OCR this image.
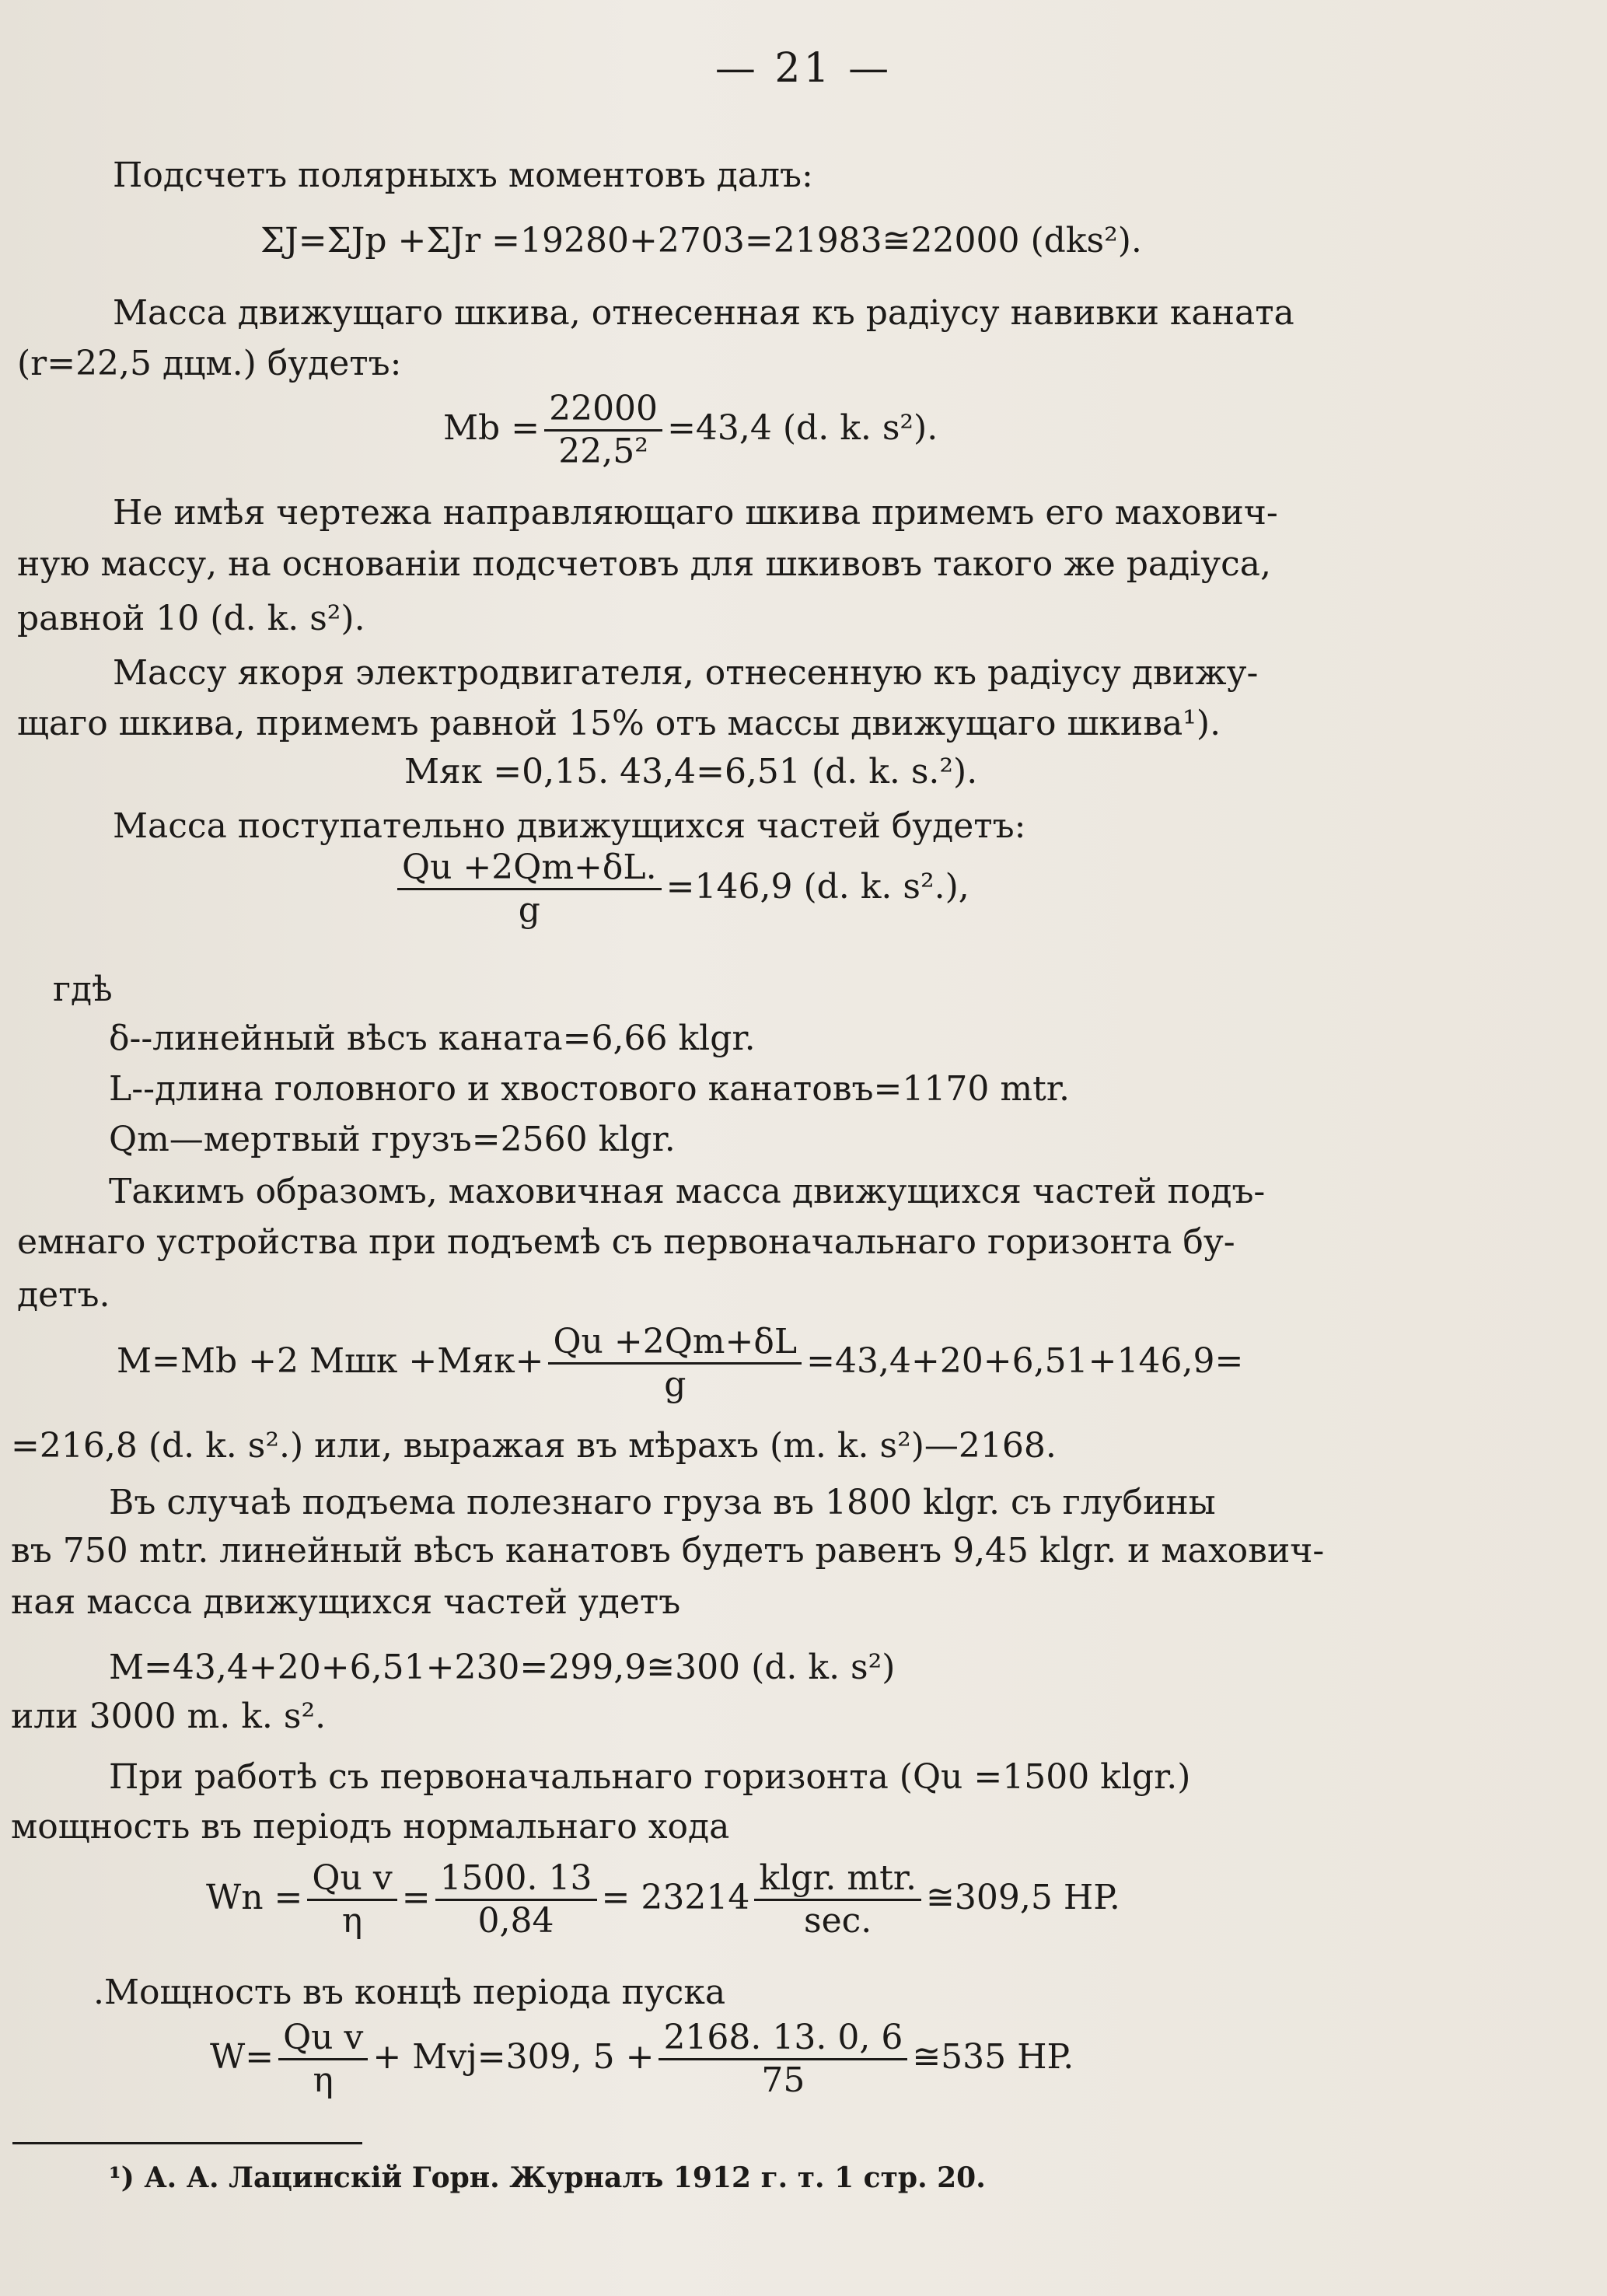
— 21 —
Подсчетъ полярныхъ моментовъ далъ:
ΣJ=ΣJp +ΣJr =19280+2703=21983≅22000 (dks²).
Масса движущаго шкива, отнесенная къ радіусу навивки каната
(r=22,5 дцм.) будетъ:
$Mb = \frac{22000}{\text{22,5²}} =43,4$ (d. k. s²).
Не имѣя чертежа направляющаго шкива примемъ его махович-
ную массу, на основаніи подсчетовъ для шкивовъ такого же радіуса,
равной 10 (d. k. s²).
Массу якоря электродвигателя, отнесенную къ радіусу движу-
щаго шкива, примемъ равной 15% отъ массы движущаго шкива¹).
Мяк =0,15. 43,4=6,51 (d. k. s.²).
Масса поступательно движущихся частей будетъ:
$\frac{Qu +2Qm+\delta L.}{g} =146,9$ (d. k. s².),
гдѣ
δ--линейный вѣсъ каната=6,66 klgr.
L--длина головного и хвостового канатовъ=1170 mtr.
Qm—мертвый грузъ=2560 klgr.
Такимъ образомъ, маховичная масса движущихся частей подъ-
емнаго устройства при подъемѣ съ первоначальнаго горизонта бу-
детъ.
M=Mb +2 Mшк $+Мяк+ \frac{Qu +2Qm+\delta L}{g} =43,4+20+6,51+146,9=$
=216,8 (d. k. s².) или, выражая въ мѣрахъ (m. k. s²)—2168.
Въ случаѣ подъема полезнаго груза въ 1800 klgr. съ глубины
въ 750 mtr. линейный вѣсъ канатовъ будетъ равенъ 9,45 klgr. и махович-
ная масса движущихся частей удетъ
M=43,4+20+6,51+230=299,9≅300 (d. k. s²)
или 3000 m. k. s².
При работѣ съ первоначальнаго горизонта (Qu =1500 klgr.)
мощность въ періодъ нормальнаго хода
$Wn = \frac{\text{Qu v}}{\eta} = \frac{1500. 13}{0,84} = 23214 \frac{\text{klgr. mtr.}}{\sec.}$ ≅309,5 HP.
.Мощность въ концѣ періода пуска
$W= \frac{\text{Qu v}}{\eta} + Mvj=309$, $5 + \frac{2168. 13. 0, 6}{75}$ ≅535 HP.
¹) А. А. Лацинскій Горн. Журналъ 1912 г. т. 1 стр. 20.
